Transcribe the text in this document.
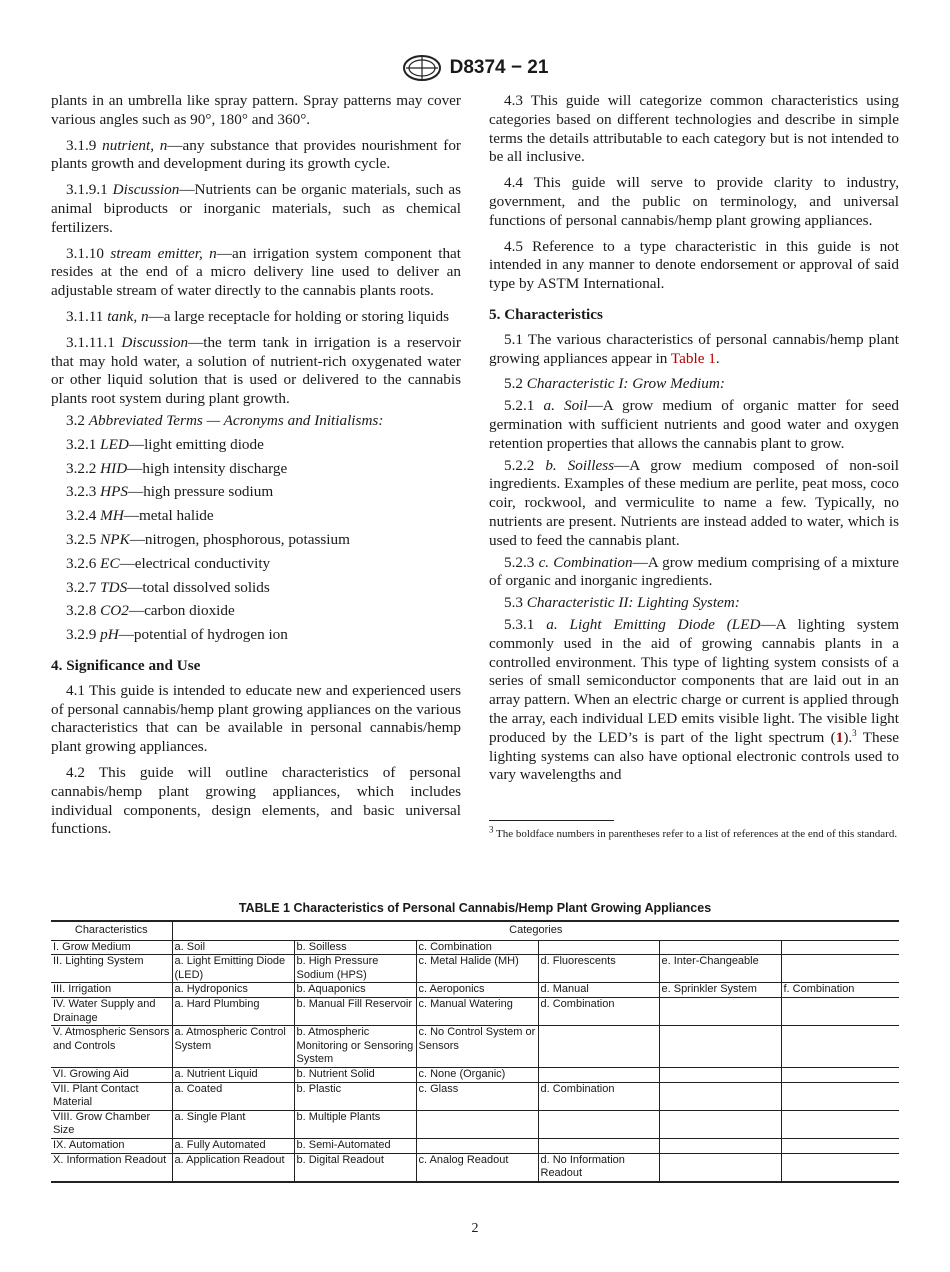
D8374 − 21

plants in an umbrella like spray pattern. Spray patterns may cover various angles such as 90°, 180° and 360°.

3.1.9 nutrient, n—any substance that provides nourishment for plants growth and development during its growth cycle.

3.1.9.1 Discussion—Nutrients can be organic materials, such as animal biproducts or inorganic materials, such as chemical fertilizers.

3.1.10 stream emitter, n—an irrigation system component that resides at the end of a micro delivery line used to deliver an adjustable stream of water directly to the cannabis plants roots.

3.1.11 tank, n—a large receptacle for holding or storing liquids

3.1.11.1 Discussion—the term tank in irrigation is a reservoir that may hold water, a solution of nutrient-rich oxygenated water or other liquid solution that is used or delivered to the cannabis plants root system during plant growth.

3.2 Abbreviated Terms — Acronyms and Initialisms:

3.2.1 LED—light emitting diode

3.2.2 HID—high intensity discharge

3.2.3 HPS—high pressure sodium

3.2.4 MH—metal halide

3.2.5 NPK—nitrogen, phosphorous, potassium

3.2.6 EC—electrical conductivity

3.2.7 TDS—total dissolved solids

3.2.8 CO2—carbon dioxide

3.2.9 pH—potential of hydrogen ion

4. Significance and Use

4.1 This guide is intended to educate new and experienced users of personal cannabis/hemp plant growing appliances on the various characteristics that can be available in personal cannabis/hemp plant growing appliances.

4.2 This guide will outline characteristics of personal cannabis/hemp plant growing appliances, which includes individual components, design elements, and basic universal functions.

4.3 This guide will categorize common characteristics using categories based on different technologies and describe in simple terms the details attributable to each category but is not intended to be all inclusive.

4.4 This guide will serve to provide clarity to industry, government, and the public on terminology, and universal functions of personal cannabis/hemp plant growing appliances.

4.5 Reference to a type characteristic in this guide is not intended in any manner to denote endorsement or approval of said type by ASTM International.

5. Characteristics

5.1 The various characteristics of personal cannabis/hemp plant growing appliances appear in Table 1.

5.2 Characteristic I: Grow Medium:

5.2.1 a. Soil—A grow medium of organic matter for seed germination with sufficient nutrients and good water and oxygen retention properties that allows the cannabis plant to grow.

5.2.2 b. Soilless—A grow medium composed of non-soil ingredients. Examples of these medium are perlite, peat moss, coco coir, rockwool, and vermiculite to name a few. Typically, no nutrients are present. Nutrients are instead added to water, which is used to feed the cannabis plant.

5.2.3 c. Combination—A grow medium comprising of a mixture of organic and inorganic ingredients.

5.3 Characteristic II: Lighting System:

5.3.1 a. Light Emitting Diode (LED—A lighting system commonly used in the aid of growing cannabis plants in a controlled environment. This type of lighting system consists of a series of small semiconductor components that are laid out in an array pattern. When an electric charge or current is applied through the array, each individual LED emits visible light. The visible light produced by the LED’s is part of the light spectrum (1).$^3$ These lighting systems can also have optional electronic controls used to vary wavelengths and

$^3$ The boldface numbers in parentheses refer to a list of references at the end of this standard.
TABLE 1 Characteristics of Personal Cannabis/Hemp Plant Growing Appliances
Characteristics	Categories					
I. Grow Medium	a. Soil	b. Soilless	c. Combination			
II. Lighting System	a. Light Emitting Diode (LED)	b. High Pressure Sodium (HPS)	c. Metal Halide (MH)	d. Fluorescents	e. Inter-Changeable	
III. Irrigation	a. Hydroponics	b. Aquaponics	c. Aeroponics	d. Manual	e. Sprinkler System	f. Combination
IV. Water Supply and Drainage	a. Hard Plumbing	b. Manual Fill Reservoir	c. Manual Watering	d. Combination		
V. Atmospheric Sensors and Controls	a. Atmospheric Control System	b. Atmospheric Monitoring or Sensoring System	c. No Control System or Sensors			
VI. Growing Aid	a. Nutrient Liquid	b. Nutrient Solid	c. None (Organic)			
VII. Plant Contact Material	a. Coated	b. Plastic	c. Glass	d. Combination		
VIII. Grow Chamber Size	a. Single Plant	b. Multiple Plants				
IX. Automation	a. Fully Automated	b. Semi-Automated				
X. Information Readout	a. Application Readout	b. Digital Readout	c. Analog Readout	d. No Information Readout		
2
